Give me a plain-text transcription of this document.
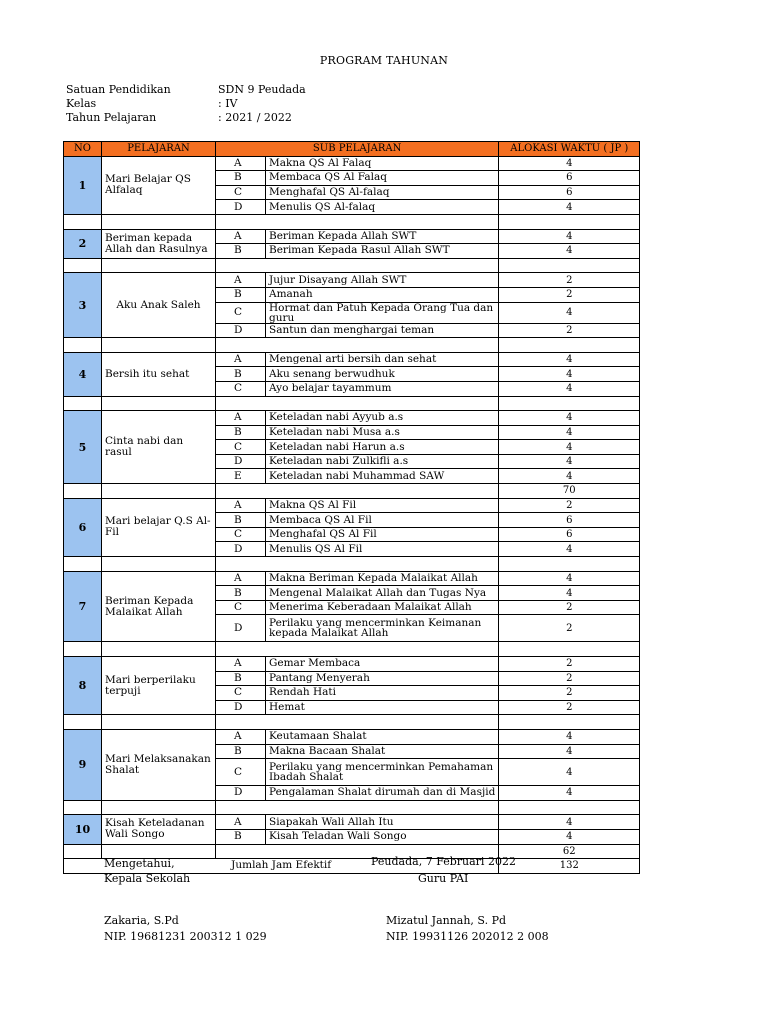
PROGRAM TAHUNAN
Satuan Pendidikan	SDN 9 Peudada
Kelas	: IV
Tahun Pelajaran	: 2021 / 2022
NO	PELAJARAN	SUB PELAJARAN		ALOKASI WAKTU ( JP )
1	Mari Belajar QS Alfalaq	A	Makna QS Al Falaq	4
		B	Membaca QS Al Falaq	6
		C	Menghafal QS Al-falaq	6
		D	Menulis QS Al-falaq	4

2	Beriman kepada Allah dan Rasulnya	A	Beriman Kepada Allah SWT	4
		B	Beriman Kepada Rasul Allah SWT	4

3	Aku Anak Saleh	A	Jujur Disayang Allah SWT	2
		B	Amanah	2
		C	Hormat dan Patuh Kepada Orang Tua dan guru	4
		D	Santun dan menghargai teman	2

4	Bersih itu sehat	A	Mengenal arti bersih dan sehat	4
		B	Aku senang berwudhuk	4
		C	Ayo belajar tayammum	4

5	Cinta nabi dan rasul	A	Keteladan nabi Ayyub a.s	4
		B	Keteladan nabi Musa a.s	4
		C	Keteladan nabi Harun a.s	4
		D	Keteladan nabi Zulkifli a.s	4
		E	Keteladan nabi Muhammad SAW	4
				70
6	Mari belajar Q.S Al-Fil	A	Makna QS Al Fil	2
		B	Membaca QS Al Fil	6
		C	Menghafal QS Al Fil	6
		D	Menulis QS Al Fil	4

7	Beriman Kepada Malaikat Allah	A	Makna Beriman Kepada Malaikat Allah	4
		B	Mengenal Malaikat Allah dan Tugas Nya	4
		C	Menerima Keberadaan Malaikat Allah	2
		D	Perilaku yang mencerminkan Keimanan kepada Malaikat Allah	2

8	Mari berperilaku terpuji	A	Gemar Membaca	2
		B	Pantang Menyerah	2
		C	Rendah Hati	2
		D	Hemat	2

9	Mari Melaksanakan Shalat	A	Keutamaan Shalat	4
		B	Makna Bacaan Shalat	4
		C	Perilaku yang mencerminkan Pemahaman Ibadah Shalat	4
		D	Pengalaman Shalat dirumah dan di Masjid	4

10	Kisah Keteladanan Wali Songo	A	Siapakah Wali Allah Itu	4
		B	Kisah Teladan Wali Songo	4
				62
Jumlah Jam Efektif				132
Mengetahui,
Kepala Sekolah
Zakaria, S.Pd
NIP. 19681231 200312 1 029
Peudada, 7 Februari 2022
Guru PAI
Mizatul Jannah, S. Pd
NIP. 19931126 202012 2 008
